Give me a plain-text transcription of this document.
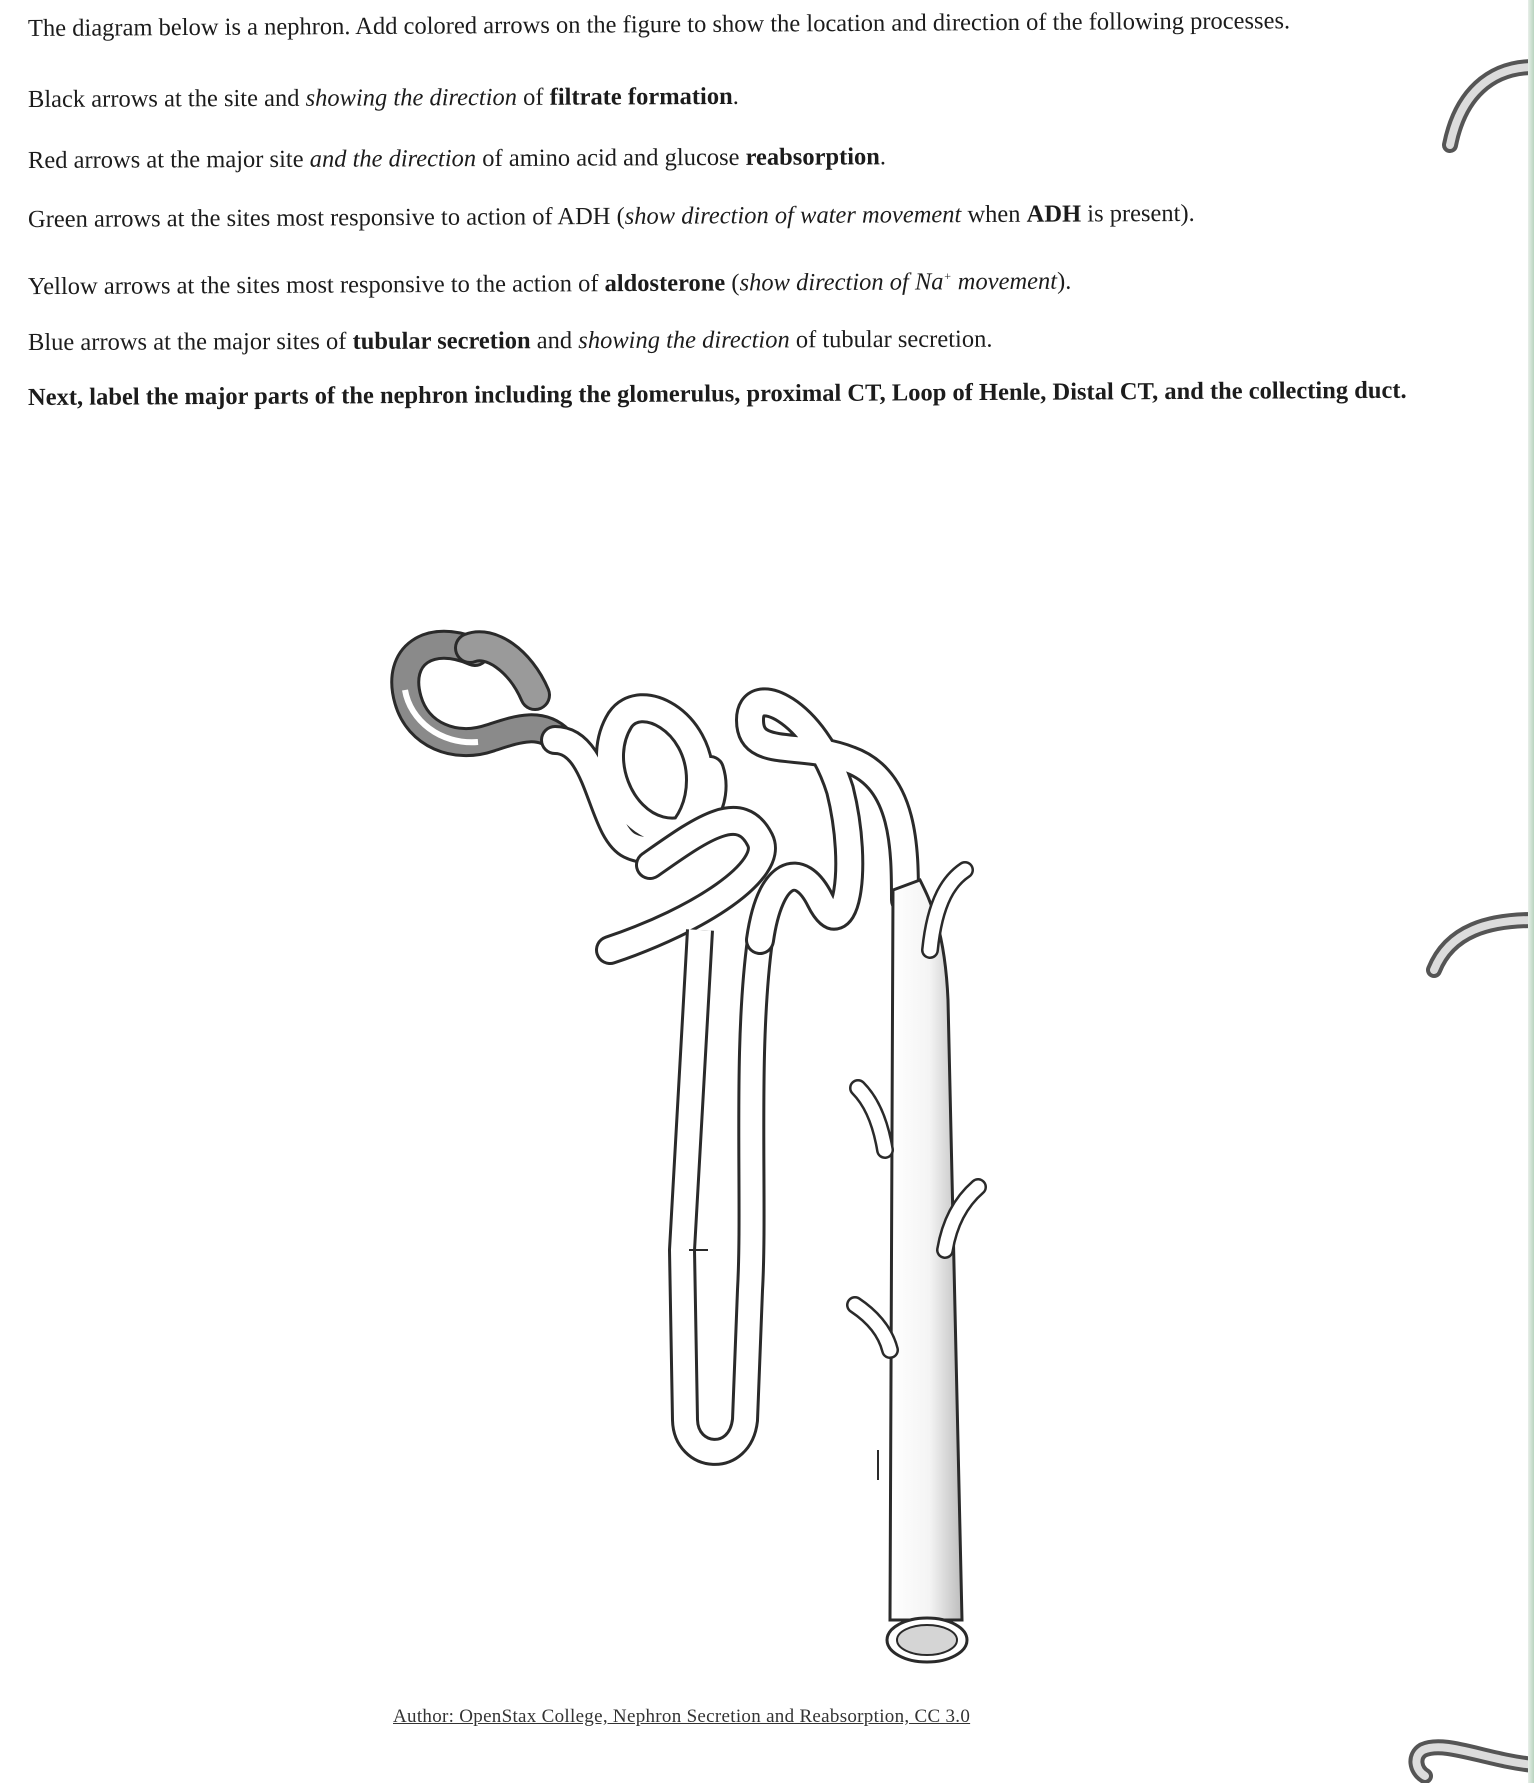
The diagram below is a nephron. Add colored arrows on the figure to show the location and direction of the following processes.
Black arrows at the site and showing the direction of filtrate formation.
Red arrows at the major site and the direction of amino acid and glucose reabsorption.
Green arrows at the sites most responsive to action of ADH (show direction of water movement when ADH is present).
Yellow arrows at the sites most responsive to the action of aldosterone (show direction of Na+ movement).
Blue arrows at the major sites of tubular secretion and showing the direction of tubular secretion.
Next, label the major parts of the nephron including the glomerulus, proximal CT, Loop of Henle, Distal CT, and the collecting duct.
Author: OpenStax College, Nephron Secretion and Reabsorption, CC 3.0
